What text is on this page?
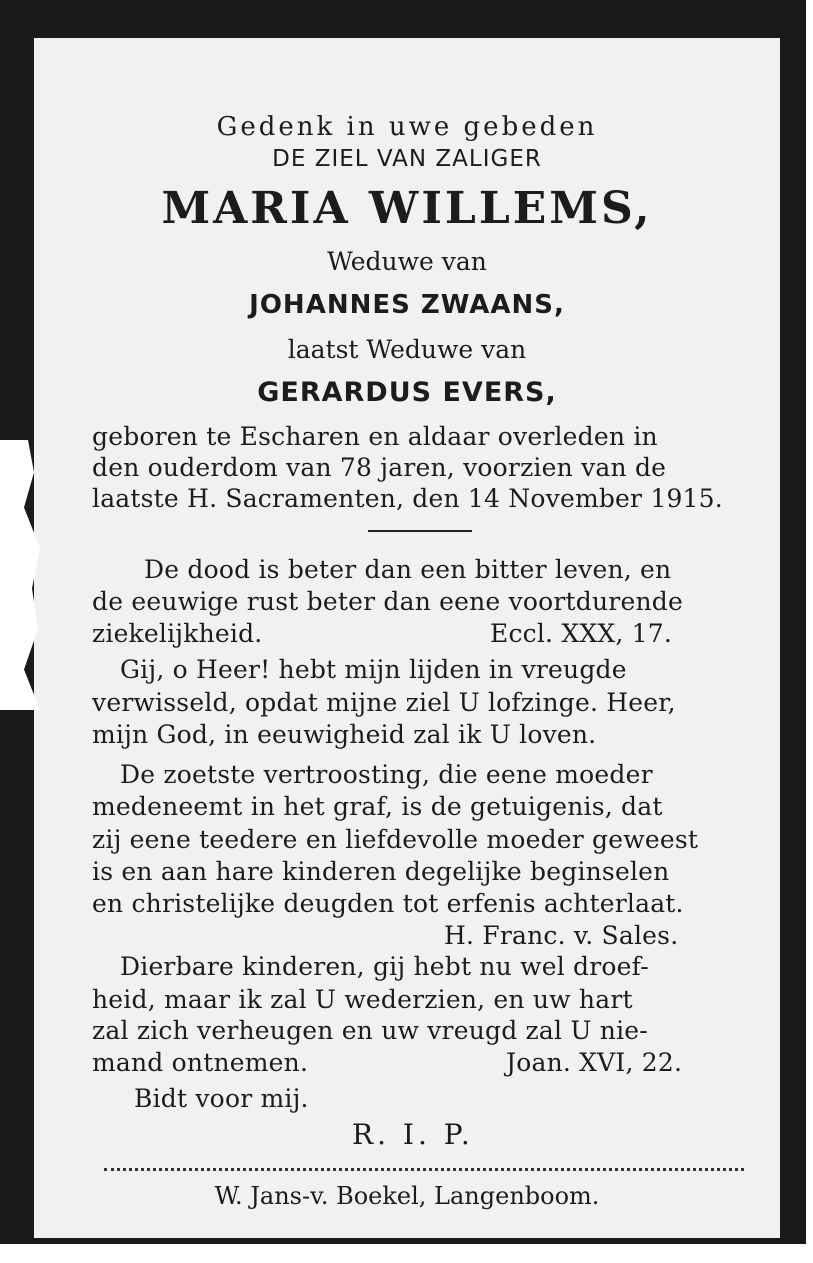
Gedenk in uwe gebeden
DE ZIEL VAN ZALIGER
MARIA WILLEMS,
Weduwe van
JOHANNES ZWAANS,
laatst Weduwe van
GERARDUS EVERS,
geboren te Escharen en aldaar overleden in
den ouderdom van 78 jaren, voorzien van de
laatste H. Sacramenten, den 14 November 1915.
De dood is beter dan een bitter leven, en
de eeuwige rust beter dan eene voortdurende
ziekelijkheid.	Eccl. XXX, 17.
Gij, o Heer! hebt mijn lijden in vreugde
verwisseld, opdat mijne ziel U lofzinge. Heer,
mijn God, in eeuwigheid zal ik U loven.
De zoetste vertroosting, die eene moeder
medeneemt in het graf, is de getuigenis, dat
zij eene teedere en liefdevolle moeder geweest
is en aan hare kinderen degelijke beginselen
en christelijke deugden tot erfenis achterlaat.
H. Franc. v. Sales.
Dierbare kinderen, gij hebt nu wel droef-
heid, maar ik zal U wederzien, en uw hart
zal zich verheugen en uw vreugd zal U nie-
mand ontnemen.	Joan. XVI, 22.
Bidt voor mij.
R. I. P.
W. Jans-v. Boekel, Langenboom.
